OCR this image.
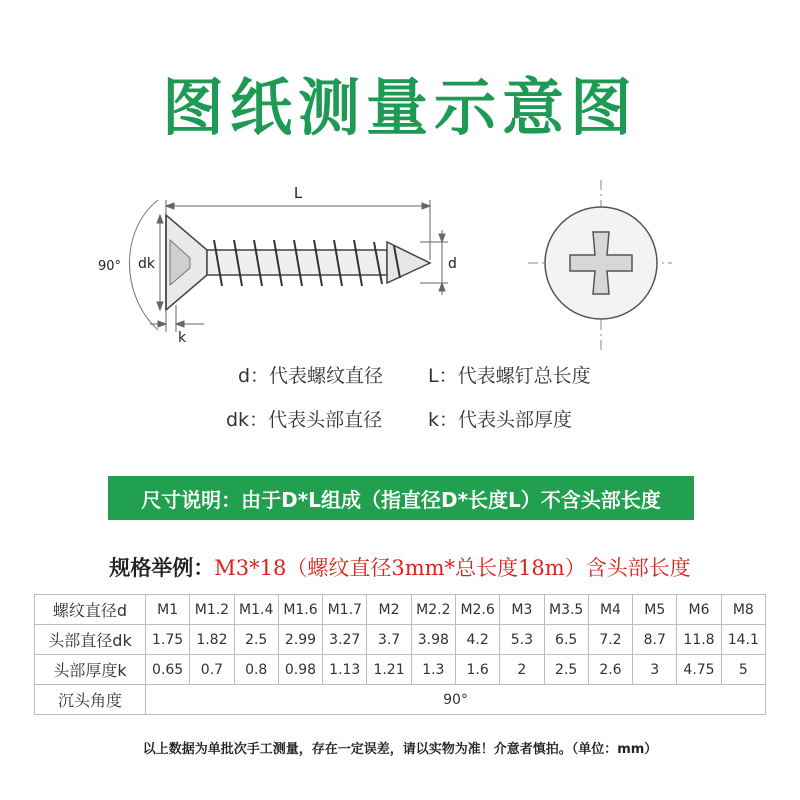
图纸测量示意图
L
d
dk
90°
k
d：代表螺纹直径 L：代表螺钉总长度
dk：代表头部直径 k：代表头部厚度
尺寸说明：由于D*L组成（指直径D*长度L）不含头部长度
规格举例：M3*18（螺纹直径3mm*总长度18m）含头部长度
螺纹直径d	M1	M1.2	M1.4	M1.6	M1.7	M2	M2.2	M2.6	M3	M3.5	M4	M5	M6	M8
头部直径dk	1.75	1.82	2.5	2.99	3.27	3.7	3.98	4.2	5.3	6.5	7.2	8.7	11.8	14.1
头部厚度k	0.65	0.7	0.8	0.98	1.13	1.21	1.3	1.6	2	2.5	2.6	3	4.75	5
沉头角度	90°													
以上数据为单批次手工测量，存在一定误差，请以实物为准！介意者慎拍。（单位：mm）
